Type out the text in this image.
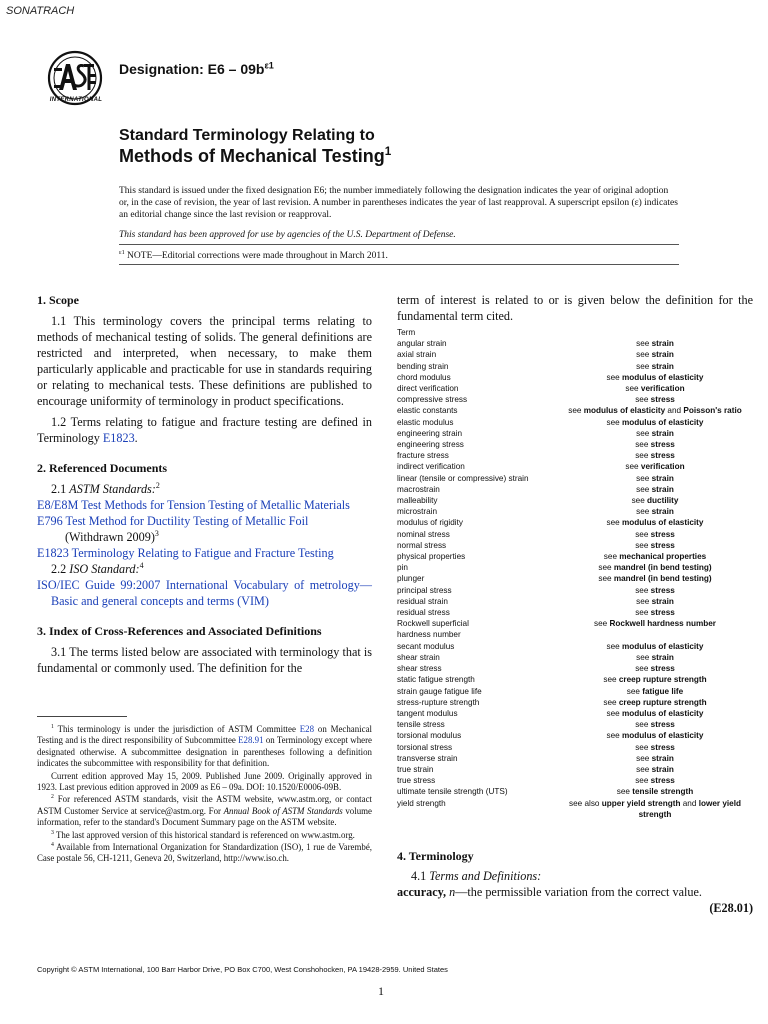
SONATRACH
INTERNATIONAL
Designation: $E6 - 09b^{\varepsilon 1}$
Standard Terminology Relating to
Methods of Mechanical Testing$^1$
This standard is issued under the fixed designation E6; the number immediately following the designation indicates the year of original adoption or, in the case of revision, the year of last revision. A number in parentheses indicates the year of last reapproval. A superscript epsilon (ε) indicates an editorial change since the last revision or reapproval.
This standard has been approved for use by agencies of the U.S. Department of Defense.
$^{\varepsilon 1}$ NOTE—Editorial corrections were made throughout in March 2011.
1. Scope
1.1 This terminology covers the principal terms relating to methods of mechanical testing of solids. The general definitions are restricted and interpreted, when necessary, to make them particularly applicable and practicable for use in standards requiring or relating to mechanical tests. These definitions are published to encourage uniformity of terminology in product specifications.
1.2 Terms relating to fatigue and fracture testing are defined in Terminology E1823.
2. Referenced Documents
2.1 ASTM Standards:$^2$
E8/E8M Test Methods for Tension Testing of Metallic Materials
E796 Test Method for Ductility Testing of Metallic Foil
(Withdrawn 2009)$^3$
E1823 Terminology Relating to Fatigue and Fracture Testing
2.2 ISO Standard:$^4$
ISO/IEC Guide 99:2007 International Vocabulary of metrology—Basic and general concepts and terms (VIM)
3. Index of Cross-References and Associated Definitions
3.1 The terms listed below are associated with terminology that is fundamental or commonly used. The definition for the
term of interest is related to or is given below the definition for the fundamental term cited.
Term
angular strain	see strain
axial strain	see strain
bending strain	see strain
chord modulus	see modulus of elasticity
direct verification	see verification
compressive stress	see stress
elastic constants	see modulus of elasticity and Poisson's ratio
elastic modulus	see modulus of elasticity
engineering strain	see strain
engineering stress	see stress
fracture stress	see stress
indirect verification	see verification
linear (tensile or compressive) strain	see strain
macrostrain	see strain
malleability	see ductility
microstrain	see strain
modulus of rigidity	see modulus of elasticity
nominal stress	see stress
normal stress	see stress
physical properties	see mechanical properties
pin	see mandrel (in bend testing)
plunger	see mandrel (in bend testing)
principal stress	see stress
residual strain	see strain
residual stress	see stress
Rockwell superficial	see Rockwell hardness number
hardness number
secant modulus	see modulus of elasticity
shear strain	see strain
shear stress	see stress
static fatigue strength	see creep rupture strength
strain gauge fatigue life	see fatigue life
stress-rupture strength	see creep rupture strength
tangent modulus	see modulus of elasticity
tensile stress	see stress
torsional modulus	see modulus of elasticity
torsional stress	see stress
transverse strain	see strain
true strain	see strain
true stress	see stress
ultimate tensile strength (UTS)	see tensile strength
yield strength	see also upper yield strength and lower yield strength
4. Terminology
4.1 Terms and Definitions:
accuracy, n—the permissible variation from the correct value.
(E28.01)

$^1$ This terminology is under the jurisdiction of ASTM Committee E28 on Mechanical Testing and is the direct responsibility of Subcommittee E28.91 on Terminology except where designated otherwise. A subcommittee designation in parentheses following a definition indicates the subcommittee with responsibility for that definition.

Current edition approved May 15, 2009. Published June 2009. Originally approved in 1923. Last previous edition approved in 2009 as E6 – 09a. DOI: 10.1520/E0006-09B.

$^2$ For referenced ASTM standards, visit the ASTM website, www.astm.org, or contact ASTM Customer Service at service@astm.org. For Annual Book of ASTM Standards volume information, refer to the standard's Document Summary page on the ASTM website.

$^3$ The last approved version of this historical standard is referenced on www.astm.org.

$^4$ Available from International Organization for Standardization (ISO), 1 rue de Varembé, Case postale 56, CH-1211, Geneva 20, Switzerland, http://www.iso.ch.

Copyright © ASTM International, 100 Barr Harbor Drive, PO Box C700, West Conshohocken, PA 19428-2959. United States
1
